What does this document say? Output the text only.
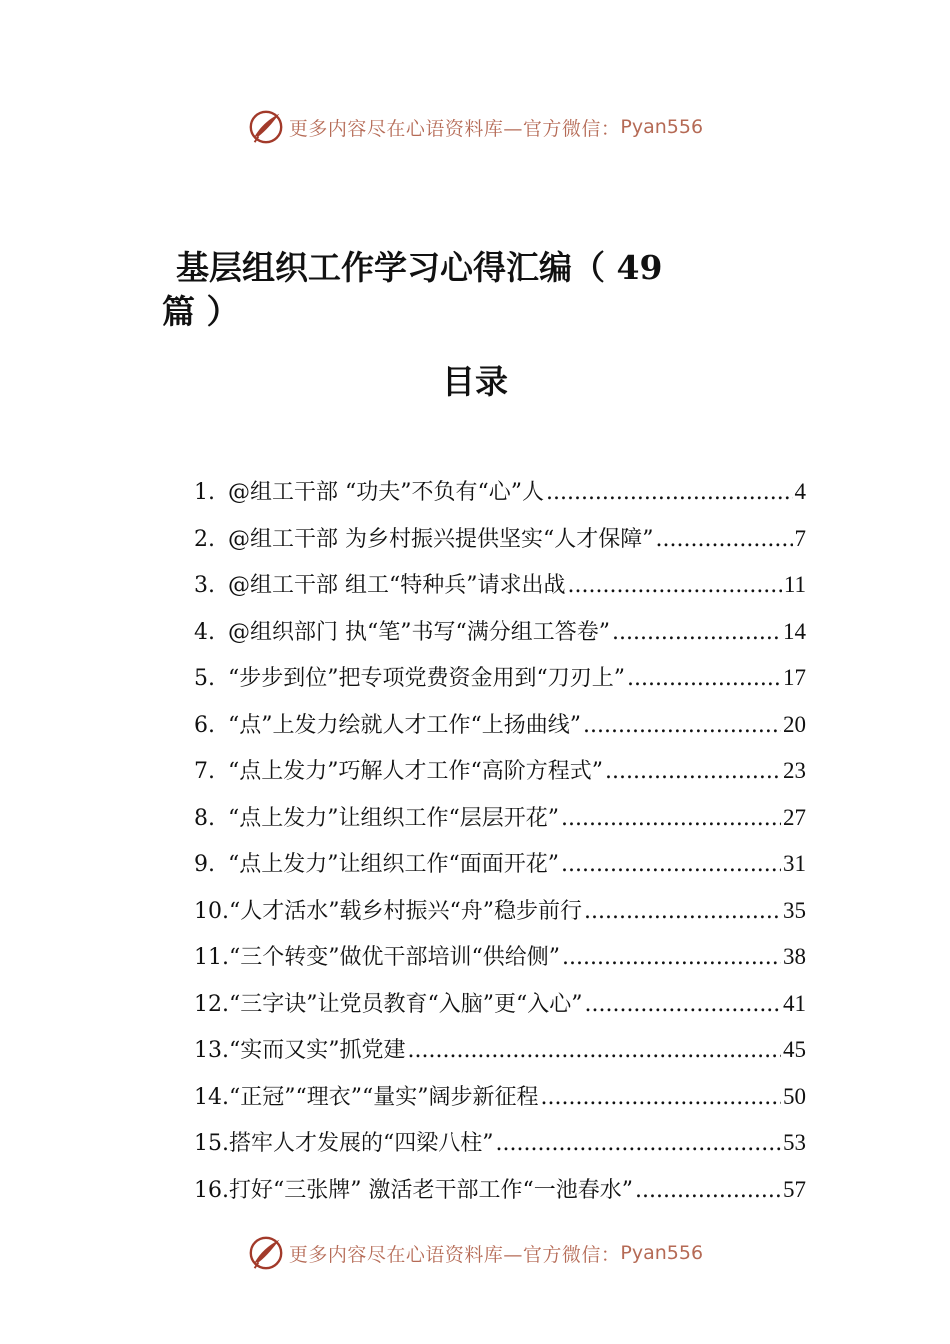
更多内容尽在心语资料库—官方微信： Pyan556
基层组织工作学习心得汇编（ 49
篇 ）
目录
1. @组工干部 “功夫”不负有“心”人 .....	4
2. @组工干部 为乡村振兴提供坚实“人才保障” .....	7
3. @组工干部 组工“特种兵”请求出战 .....	11
4. @组织部门 执“笔”书写“满分组工答卷” .....	14
5. “步步到位”把专项党费资金用到“刀刃上” .....	17
6. “点”上发力绘就人才工作“上扬曲线” .....	20
7. “点上发力”巧解人才工作“高阶方程式” .....	23
8. “点上发力”让组织工作“层层开花” .....	27
9. “点上发力”让组织工作“面面开花” .....	31
10. “人才活水”载乡村振兴“舟”稳步前行 .....	35
11. “三个转变”做优干部培训“供给侧” .....	38
12. “三字诀”让党员教育“入脑”更“入心” .....	41
13. “实而又实”抓党建 .....	45
14. “正冠”“理衣”“量实”阔步新征程 .....	50
15. 搭牢人才发展的“四梁八柱” .....	53
16. 打好“三张牌” 激活老干部工作“一池春水” .....	57
更多内容尽在心语资料库—官方微信： Pyan556
